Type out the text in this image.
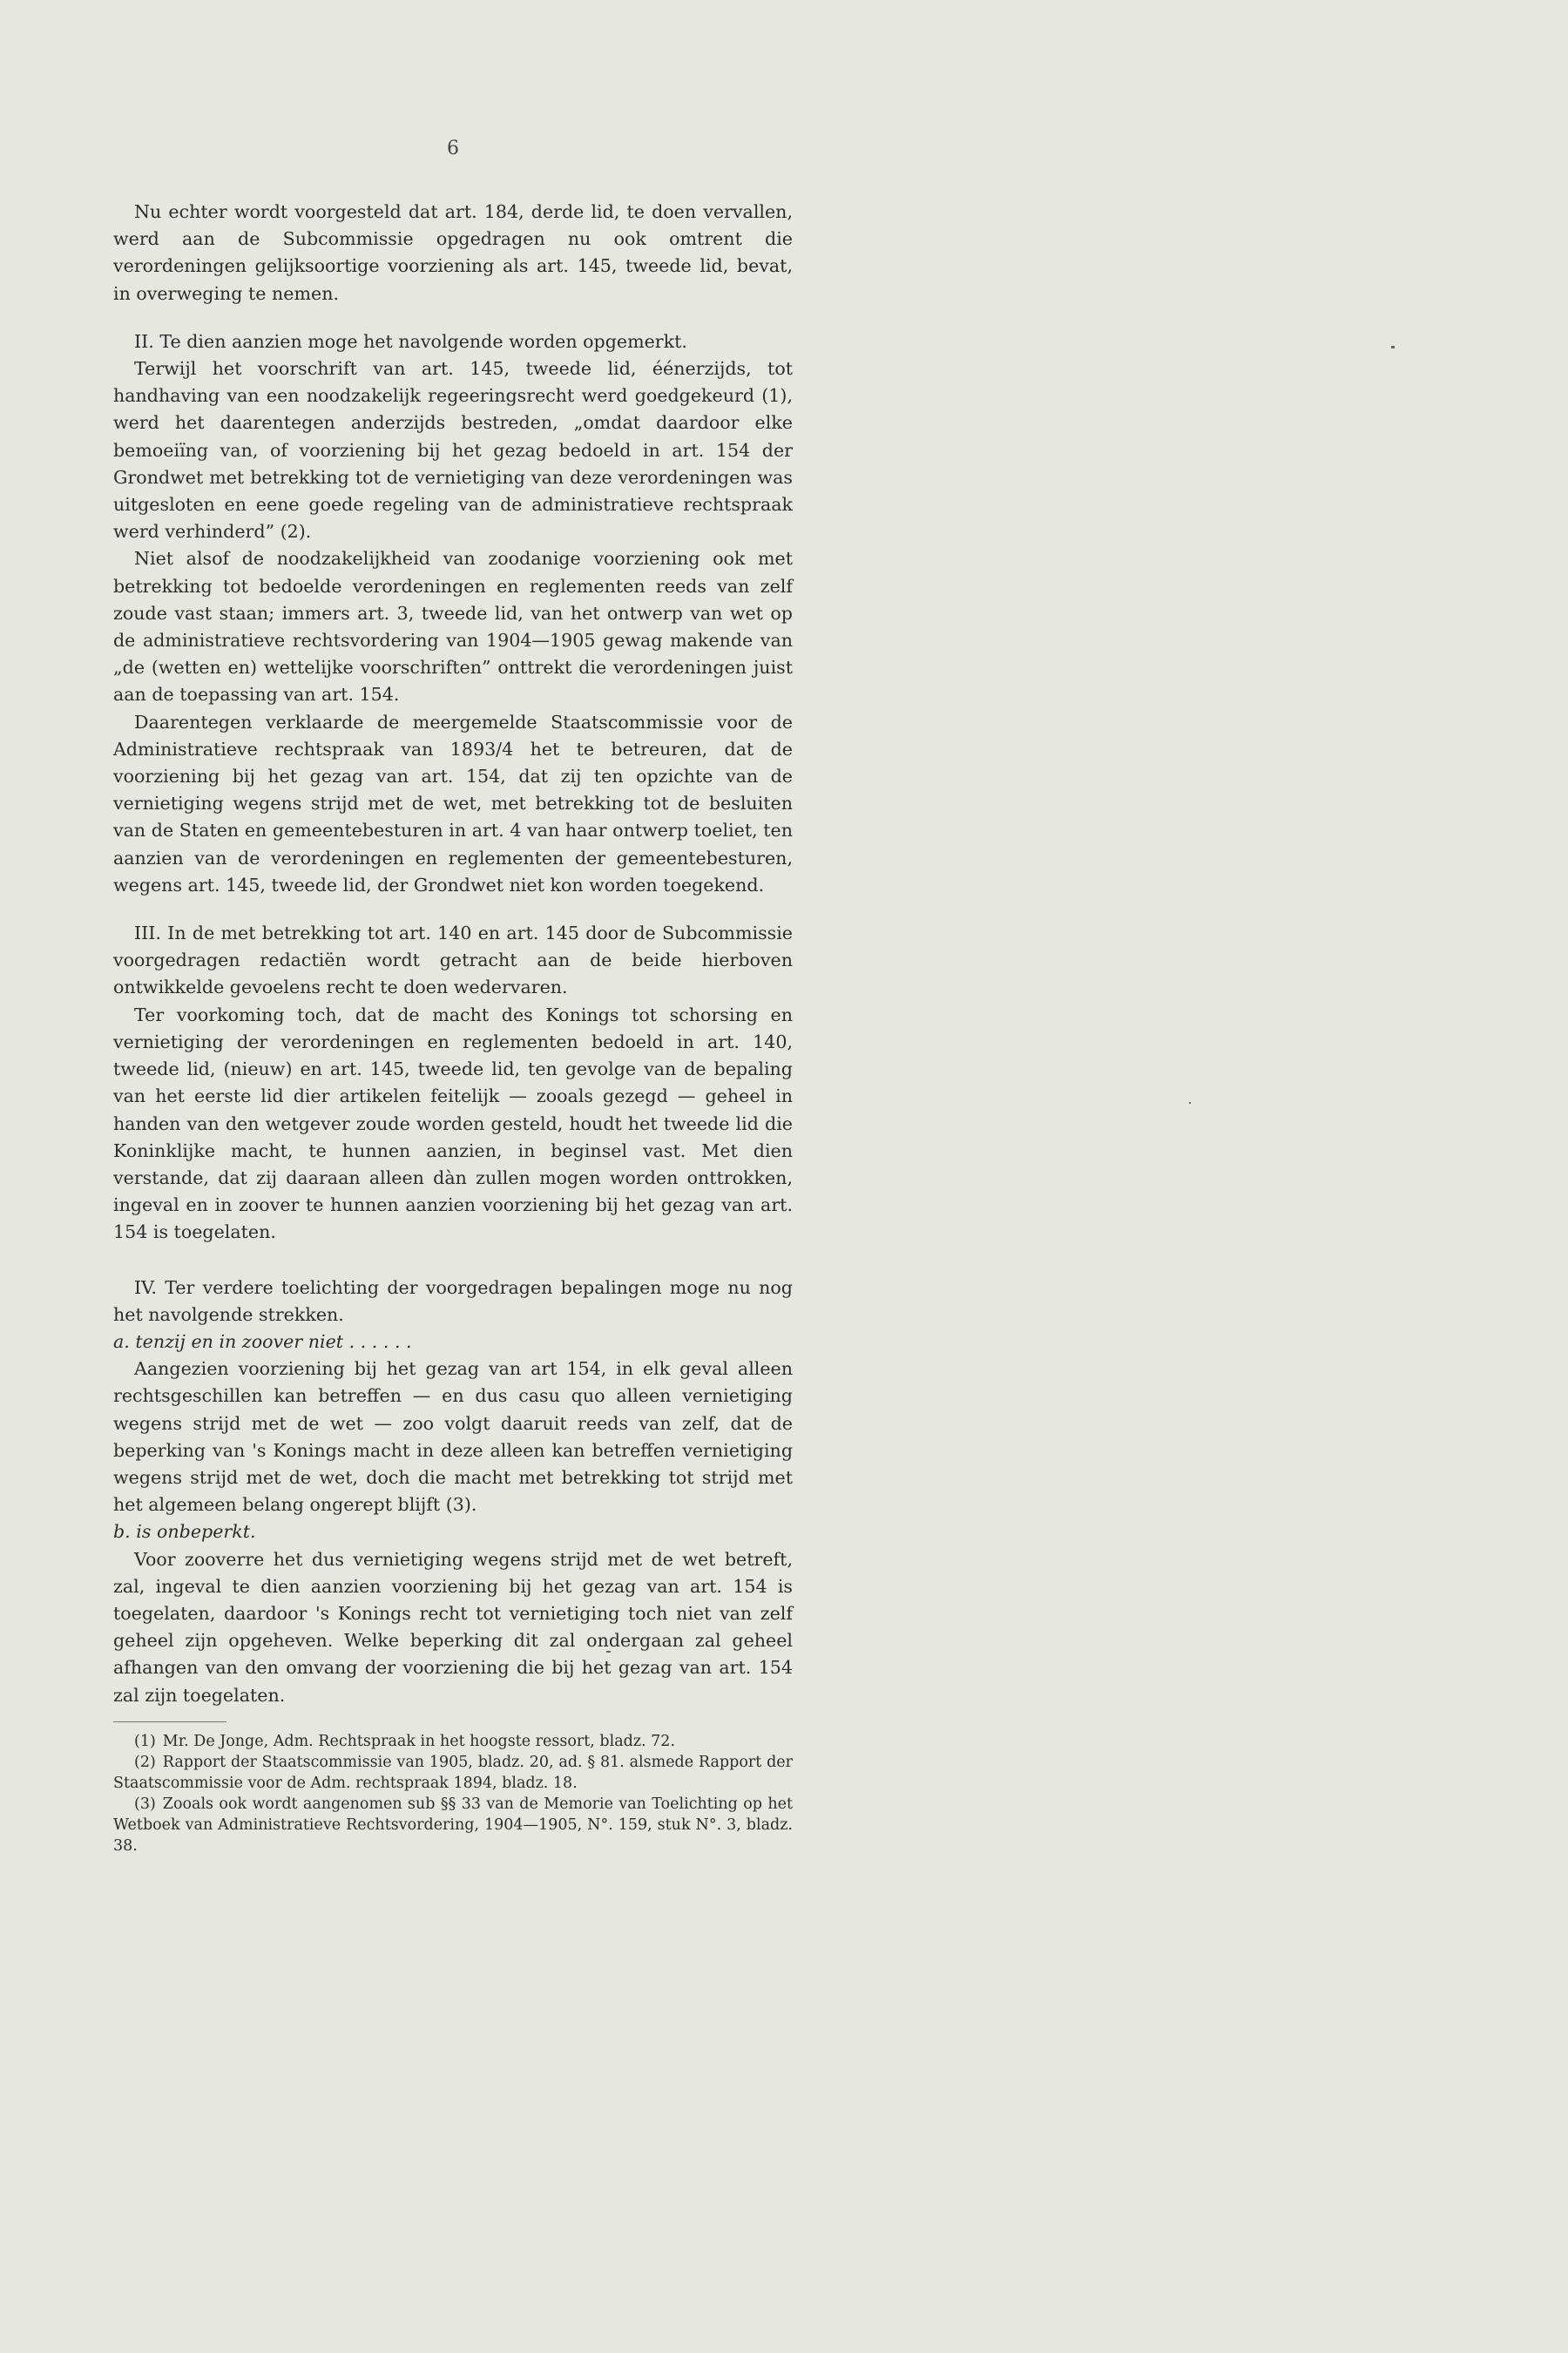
6

Nu echter wordt voorgesteld dat art. 184, derde lid, te doen vervallen, werd aan de Subcommissie opgedragen nu ook omtrent die verordeningen gelijksoortige voorziening als art. 145, tweede lid, bevat, in overweging te nemen.

II. Te dien aanzien moge het navolgende worden opgemerkt.

Terwijl het voorschrift van art. 145, tweede lid, éénerzijds, tot handhaving van een noodzakelijk regeeringsrecht werd goedgekeurd (1), werd het daarentegen anderzijds bestreden, „omdat daardoor elke bemoeiïng van, of voorziening bij het gezag bedoeld in art. 154 der Grondwet met betrekking tot de vernietiging van deze verordeningen was uitgesloten en eene goede regeling van de administratieve rechtspraak werd verhinderd” (2).

Niet alsof de noodzakelijkheid van zoodanige voorziening ook met betrekking tot bedoelde verordeningen en reglementen reeds van zelf zoude vast staan; immers art. 3, tweede lid, van het ontwerp van wet op de administratieve rechtsvordering van 1904—1905 gewag makende van „de (wetten en) wettelijke voorschriften” onttrekt die verordeningen juist aan de toepassing van art. 154.

Daarentegen verklaarde de meergemelde Staatscommissie voor de Administratieve rechtspraak van 1893/4 het te betreuren, dat de voorziening bij het gezag van art. 154, dat zij ten opzichte van de vernietiging wegens strijd met de wet, met betrekking tot de besluiten van de Staten en gemeentebesturen in art. 4 van haar ontwerp toeliet, ten aanzien van de verordeningen en reglementen der gemeentebesturen, wegens art. 145, tweede lid, der Grondwet niet kon worden toegekend.

III. In de met betrekking tot art. 140 en art. 145 door de Subcommissie voorgedragen redactiën wordt getracht aan de beide hierboven ontwikkelde gevoelens recht te doen wedervaren.

Ter voorkoming toch, dat de macht des Konings tot schorsing en vernietiging der verordeningen en reglementen bedoeld in art. 140, tweede lid, (nieuw) en art. 145, tweede lid, ten gevolge van de bepaling van het eerste lid dier artikelen feitelijk — zooals gezegd — geheel in handen van den wetgever zoude worden gesteld, houdt het tweede lid die Koninklijke macht, te hunnen aanzien, in beginsel vast. Met dien verstande, dat zij daaraan alleen dàn zullen mogen worden onttrokken, ingeval en in zoover te hunnen aanzien voorziening bij het gezag van art. 154 is toegelaten.

IV. Ter verdere toelichting der voorgedragen bepalingen moge nu nog het navolgende strekken.

a. tenzij en in zoover niet . . . . . .

Aangezien voorziening bij het gezag van art 154, in elk geval alleen rechtsgeschillen kan betreffen — en dus casu quo alleen vernietiging wegens strijd met de wet — zoo volgt daaruit reeds van zelf, dat de beperking van 's Konings macht in deze alleen kan betreffen vernietiging wegens strijd met de wet, doch die macht met betrekking tot strijd met het algemeen belang ongerept blijft (3).

b. is onbeperkt.

Voor zooverre het dus vernietiging wegens strijd met de wet betreft, zal, ingeval te dien aanzien voorziening bij het gezag van art. 154 is toegelaten, daardoor 's Konings recht tot vernietiging toch niet van zelf geheel zijn opgeheven. Welke beperking dit zal ondergaan zal geheel afhangen van den omvang der voorziening die bij het gezag van art. 154 zal zijn toegelaten.

(1) Mr. De Jonge, Adm. Rechtspraak in het hoogste ressort, bladz. 72.

(2) Rapport der Staatscommissie van 1905, bladz. 20, ad. § 81. alsmede Rapport der Staatscommissie voor de Adm. rechtspraak 1894, bladz. 18.

(3) Zooals ook wordt aangenomen sub §§ 33 van de Memorie van Toelichting op het Wetboek van Administratieve Rechtsvordering, 1904—1905, N°. 159, stuk N°. 3, bladz. 38.
